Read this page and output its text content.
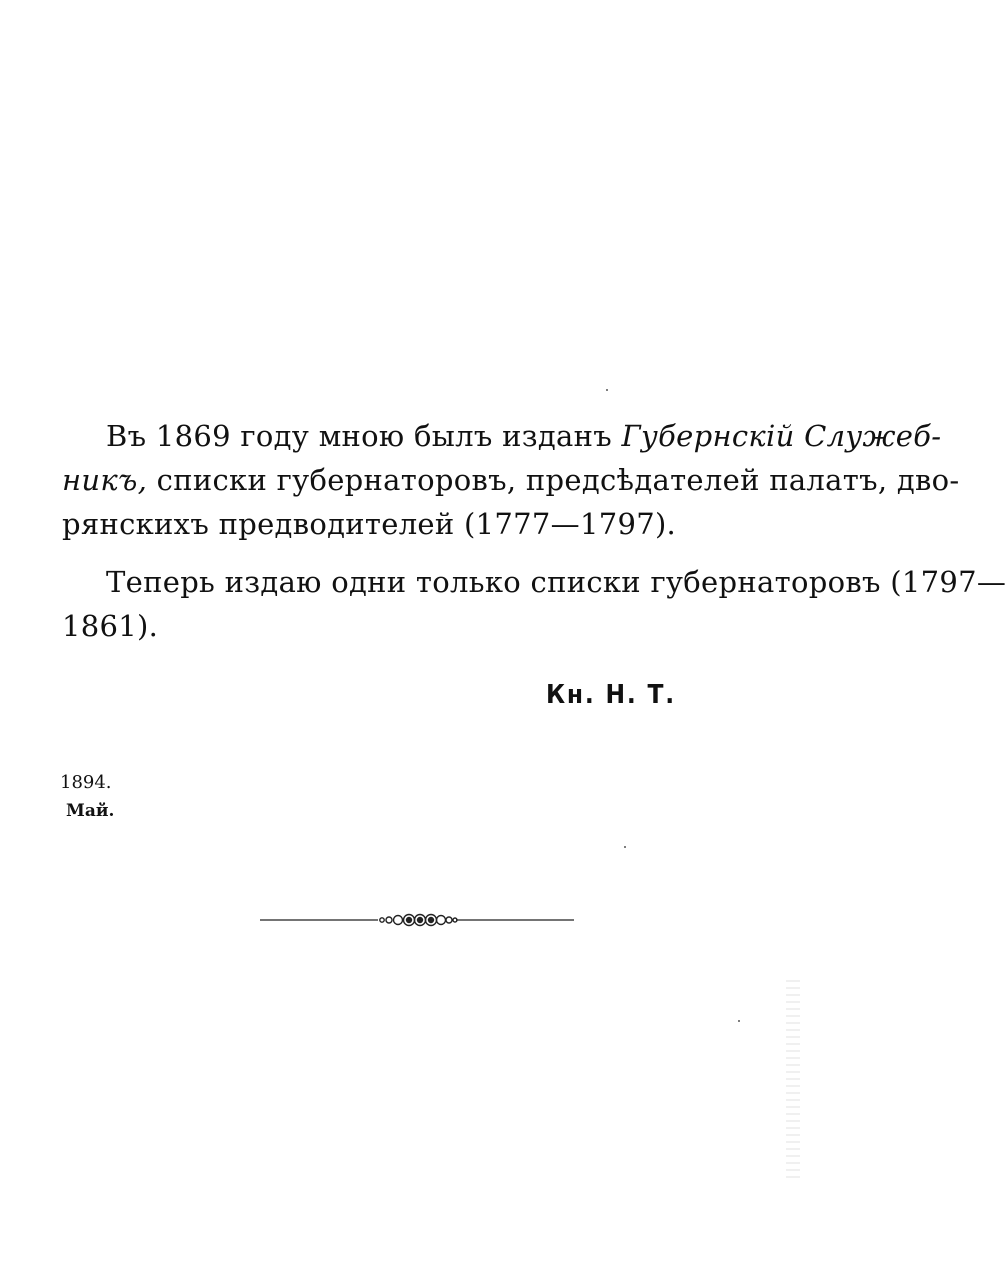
Въ 1869 году мною былъ изданъ Губернскій Служеб-
никъ, списки губернаторовъ, предсѣдателей палатъ, дво-
рянскихъ предводителей (1777—1797).
Теперь издаю одни только списки губернаторовъ (1797—
1861).
Кн. Н. Т.
1894.
Май.
